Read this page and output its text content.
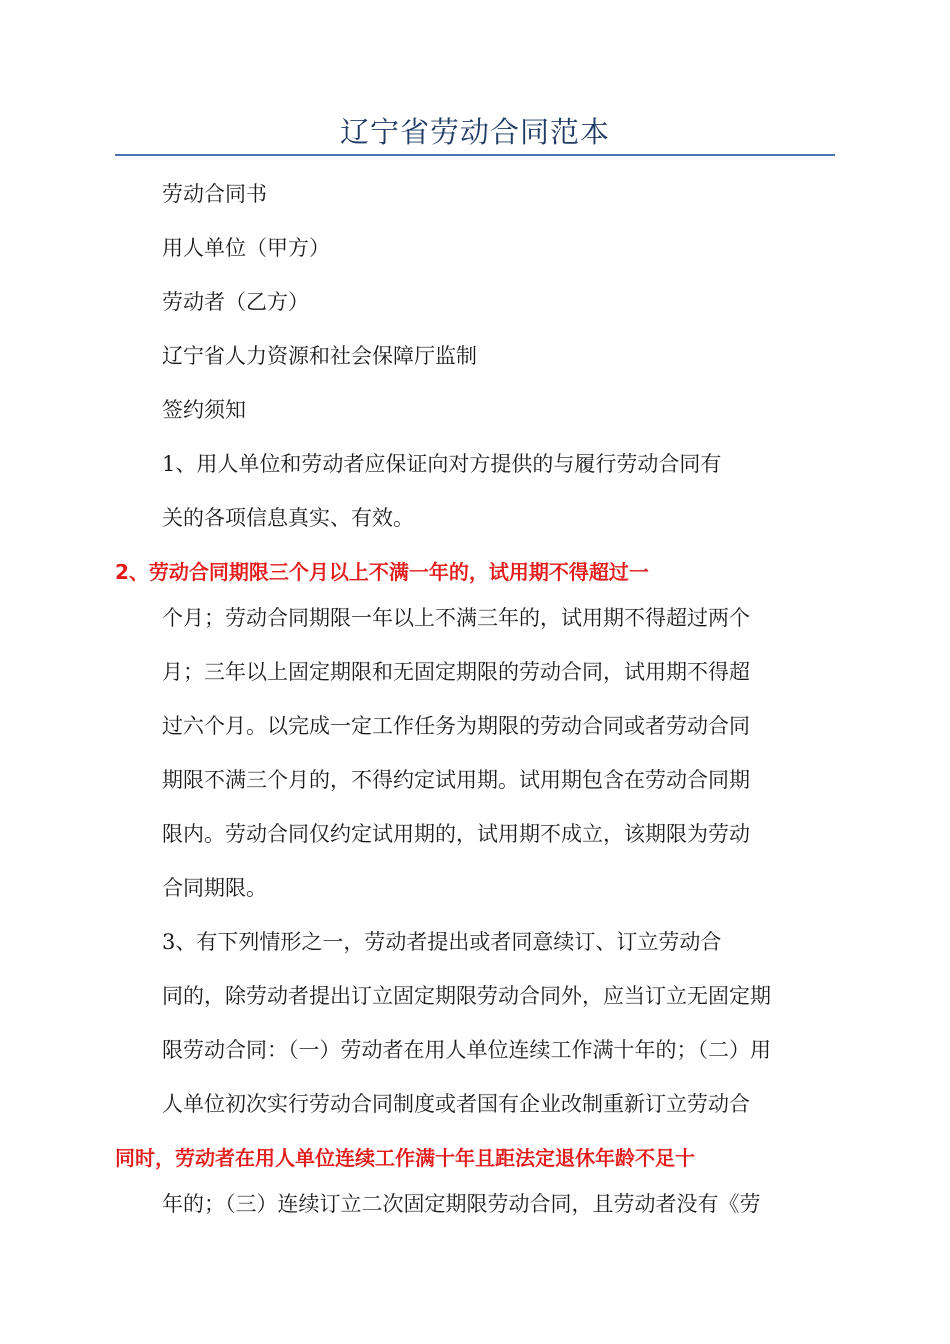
辽宁省劳动合同范本
劳动合同书
用人单位（甲方）
劳动者（乙方）
辽宁省人力资源和社会保障厅监制
签约须知
1、用人单位和劳动者应保证向对方提供的与履行劳动合同有
关的各项信息真实、有效。
2、劳动合同期限三个月以上不满一年的，试用期不得超过一
个月；劳动合同期限一年以上不满三年的，试用期不得超过两个
月；三年以上固定期限和无固定期限的劳动合同，试用期不得超
过六个月。以完成一定工作任务为期限的劳动合同或者劳动合同
期限不满三个月的，不得约定试用期。试用期包含在劳动合同期
限内。劳动合同仅约定试用期的，试用期不成立，该期限为劳动
合同期限。
3、有下列情形之一，劳动者提出或者同意续订、订立劳动合
同的，除劳动者提出订立固定期限劳动合同外，应当订立无固定期
限劳动合同：（一）劳动者在用人单位连续工作满十年的；（二）用
人单位初次实行劳动合同制度或者国有企业改制重新订立劳动合
同时，劳动者在用人单位连续工作满十年且距法定退休年龄不足十
年的；（三）连续订立二次固定期限劳动合同，且劳动者没有《劳
